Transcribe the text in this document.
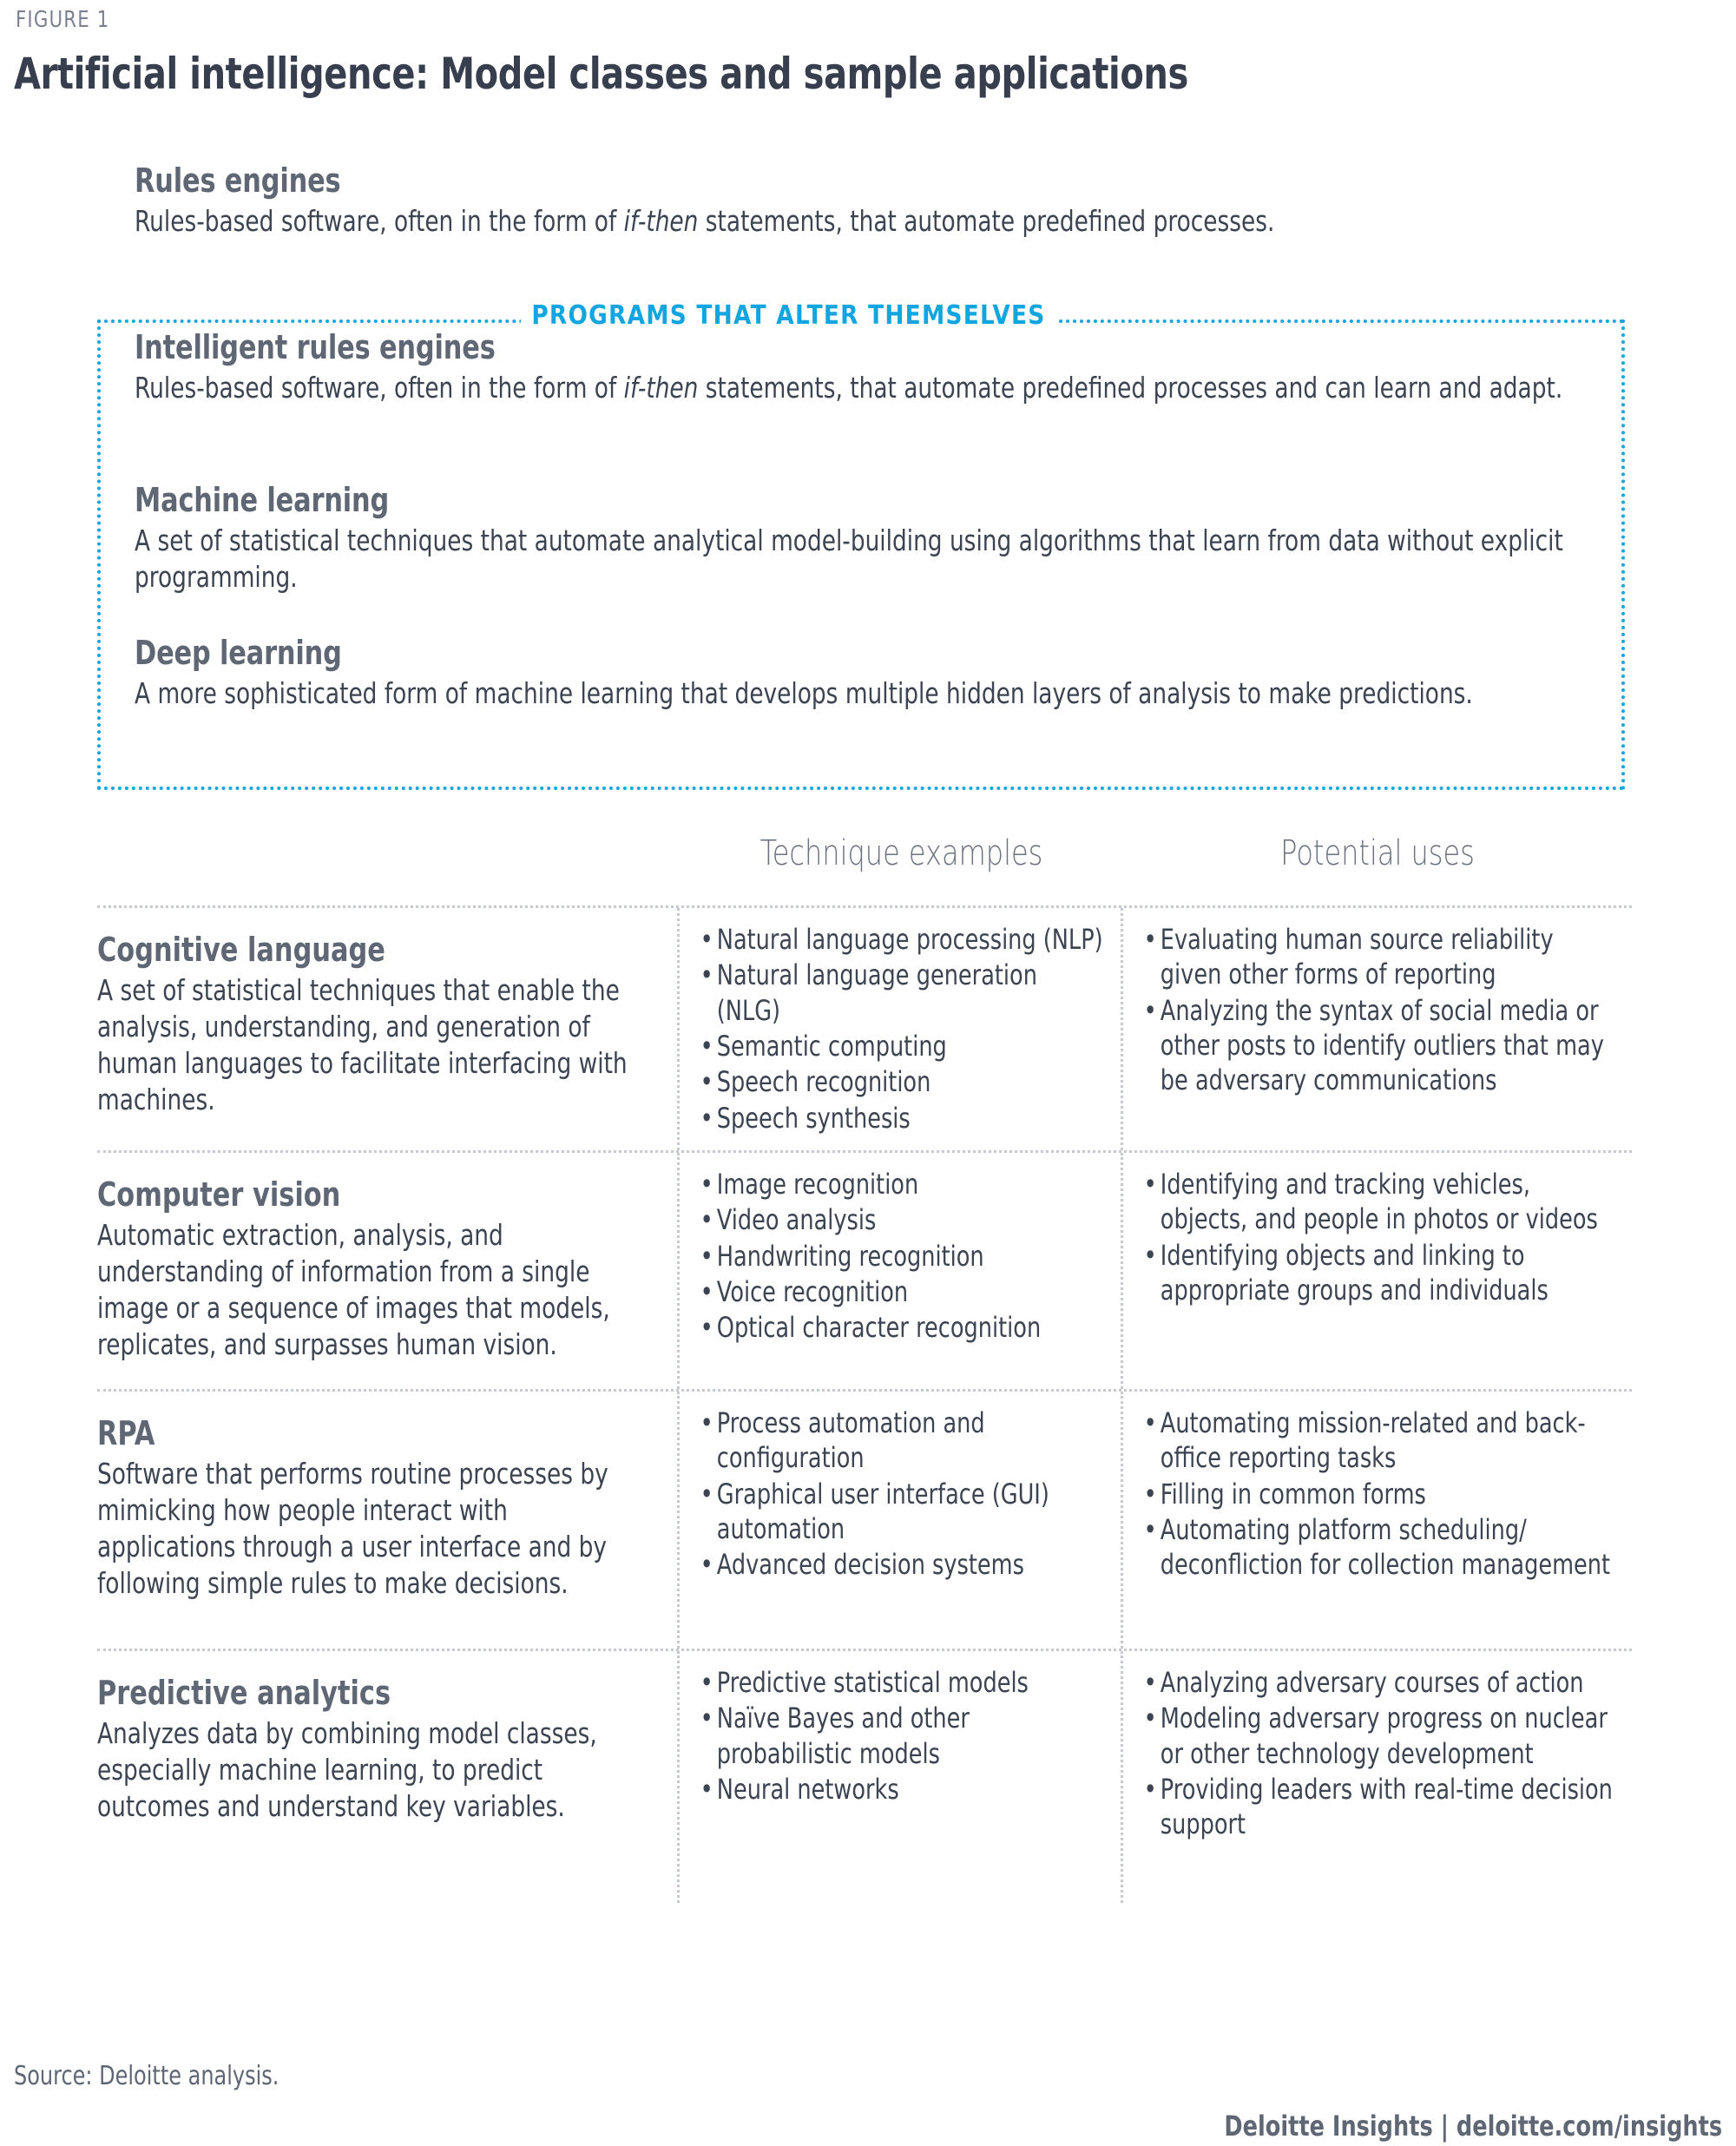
FIGURE 1
Artificial intelligence: Model classes and sample applications
PROGRAMS THAT ALTER THEMSELVES
Rules engines

Rules-based software, often in the form of if-then statements, that automate predefined processes.

Intelligent rules engines

Rules-based software, often in the form of if-then statements, that automate predefined processes and can learn and adapt.

Machine learning

A set of statistical techniques that automate analytical model-building using algorithms that learn from data without explicit programming.

Deep learning

A more sophisticated form of machine learning that develops multiple hidden layers of analysis to make predictions.

Technique examples	Potential uses
Cognitive language

A set of statistical techniques that enable the analysis, understanding, and generation of human languages to facilitate interfacing with machines.

• Natural language processing (NLP)
• Natural language generation (NLG)
• Semantic computing
• Speech recognition
• Speech synthesis
• Evaluating human source reliability given other forms of reporting
• Analyzing the syntax of social media or other posts to identify outliers that may be adversary communications
Computer vision

Automatic extraction, analysis, and understanding of information from a single image or a sequence of images that models, replicates, and surpasses human vision.

• Image recognition
• Video analysis
• Handwriting recognition
• Voice recognition
• Optical character recognition
• Identifying and tracking vehicles, objects, and people in photos or videos
• Identifying objects and linking to appropriate groups and individuals
RPA

Software that performs routine processes by mimicking how people interact with applications through a user interface and by following simple rules to make decisions.

• Process automation and configuration
• Graphical user interface (GUI) automation
• Advanced decision systems
• Automating mission-related and back-office reporting tasks
• Filling in common forms
• Automating platform scheduling/ deconfliction for collection management
Predictive analytics

Analyzes data by combining model classes, especially machine learning, to predict outcomes and understand key variables.

• Predictive statistical models
• Naïve Bayes and other probabilistic models
• Neural networks
• Analyzing adversary courses of action
• Modeling adversary progress on nuclear or other technology development
• Providing leaders with real-time decision support
Source: Deloitte analysis.
Deloitte Insights | deloitte.com/insights
